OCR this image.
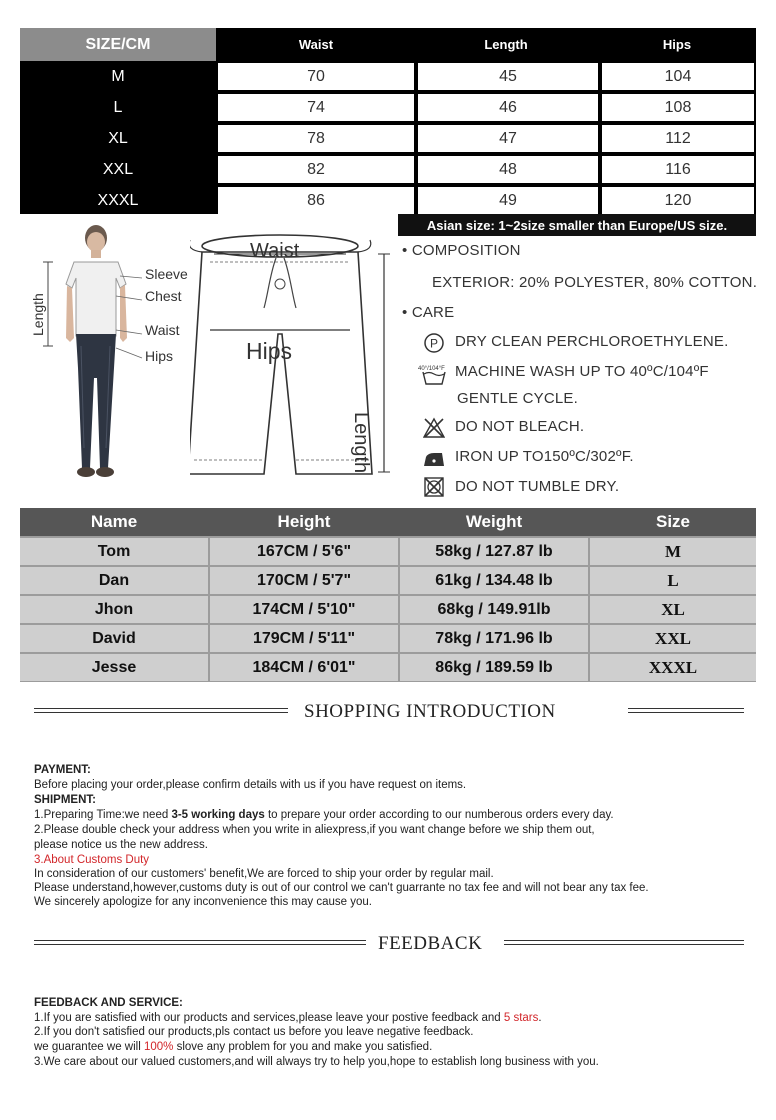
SIZE/CM	Waist	Length	Hips
M	70	45	104
L	74	46	108
XL	78	47	112
XXL	82	48	116
XXXL	86	49	120
Asian size: 1~2size smaller than Europe/US size.
Length
Sleeve
Chest
Waist
Hips
Waist
Hips
Length
• COMPOSITION
EXTERIOR: 20% POLYESTER, 80% COTTON.
• CARE
P DRY CLEAN PERCHLOROETHYLENE.
40°/104°F MACHINE WASH UP TO 40ºC/104ºF
GENTLE CYCLE.
DO NOT BLEACH.
IRON UP TO150ºC/302ºF.
DO NOT TUMBLE DRY.
Name	Height	Weight	Size
Tom	167CM / 5'6"	58kg / 127.87 lb	M
Dan	170CM / 5'7"	61kg / 134.48 lb	L
Jhon	174CM / 5'10"	68kg / 149.91lb	XL
David	179CM / 5'11"	78kg / 171.96 lb	XXL
Jesse	184CM / 6'01"	86kg / 189.59 lb	XXXL
SHOPPING INTRODUCTION
PAYMENT:
Before placing your order,please confirm details with us if you have request on items.
SHIPMENT:
1.Preparing Time:we need 3-5 working days to prepare your order according to our numberous orders every day.
2.Please double check your address when you write in aliexpress,if you want change before we ship them out,
please notice us the new address.
3.About Customs Duty
In consideration of our customers' benefit,We are forced to ship your order by regular mail.
Please understand,however,customs duty is out of our control we can't guarrante no tax fee and will not bear any tax fee.
We sincerely apologize for any inconvenience this may cause you.
FEEDBACK
FEEDBACK AND SERVICE:
1.If you are satisfied with our products and services,please leave your postive feedback and 5 stars.
2.If you don't satisfied our products,pls contact us before you leave negative feedback.
we guarantee we will 100% slove any problem for you and make you satisfied.
3.We care about our valued customers,and will always try to help you,hope to establish long business with you.
